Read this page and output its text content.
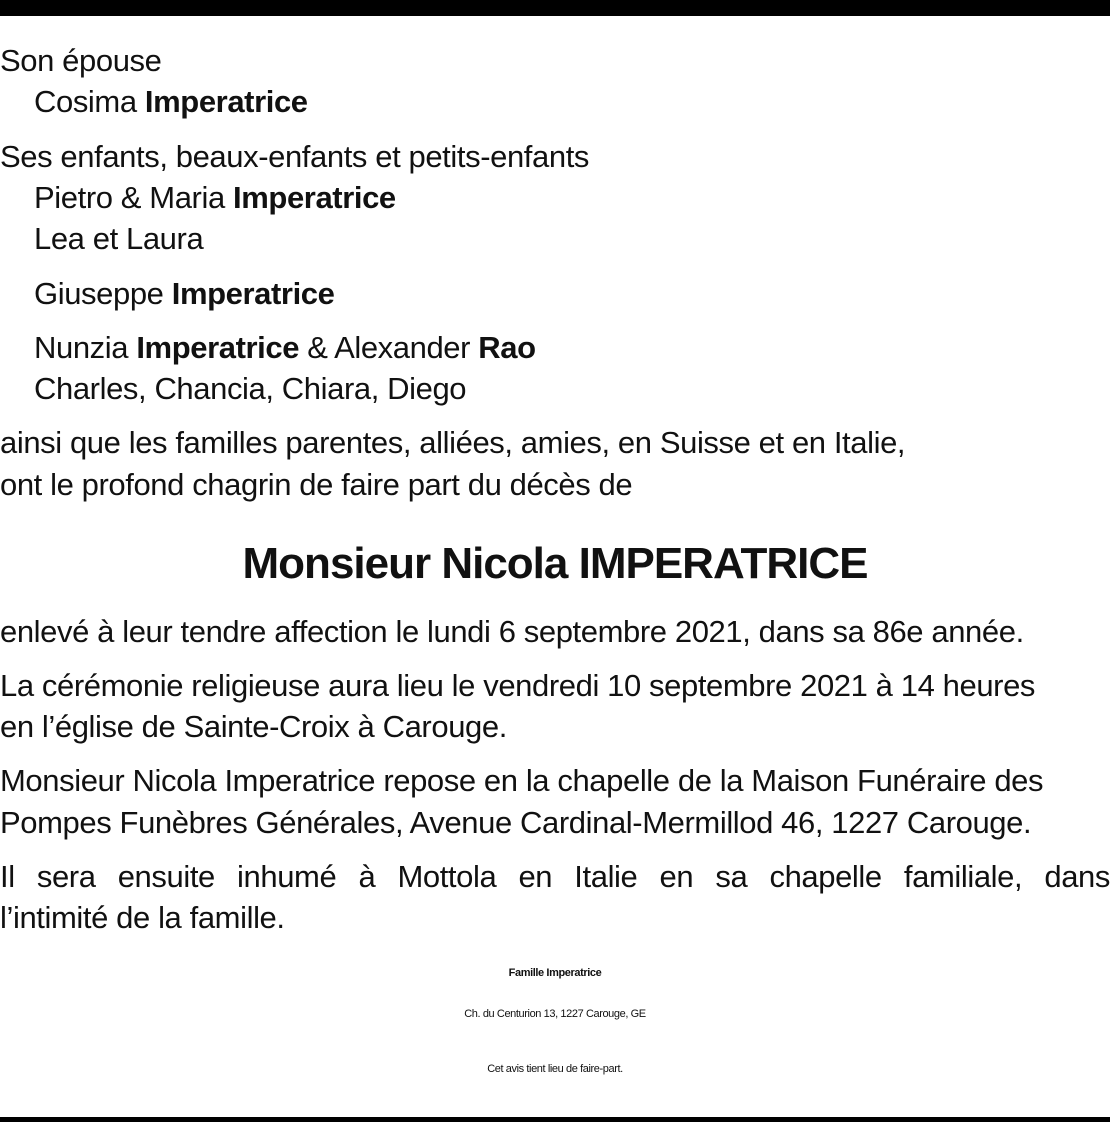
Son épouse
Cosima Imperatrice
Ses enfants, beaux-enfants et petits-enfants
Pietro & Maria Imperatrice
Lea et Laura
Giuseppe Imperatrice
Nunzia Imperatrice & Alexander Rao
Charles, Chancia, Chiara, Diego
ainsi que les familles parentes, alliées, amies, en Suisse et en Italie,
ont le profond chagrin de faire part du décès de
Monsieur Nicola IMPERATRICE
enlevé à leur tendre affection le lundi 6 septembre 2021, dans sa 86e année.
La cérémonie religieuse aura lieu le vendredi 10 septembre 2021 à 14 heures
en l’église de Sainte-Croix à Carouge.
Monsieur Nicola Imperatrice repose en la chapelle de la Maison Funéraire des
Pompes Funèbres Générales, Avenue Cardinal-Mermillod 46, 1227 Carouge.
Il sera ensuite inhumé à Mottola en Italie en sa chapelle familiale, dans
l’intimité de la famille.
Famille Imperatrice
Ch. du Centurion 13, 1227 Carouge, GE
Cet avis tient lieu de faire-part.
